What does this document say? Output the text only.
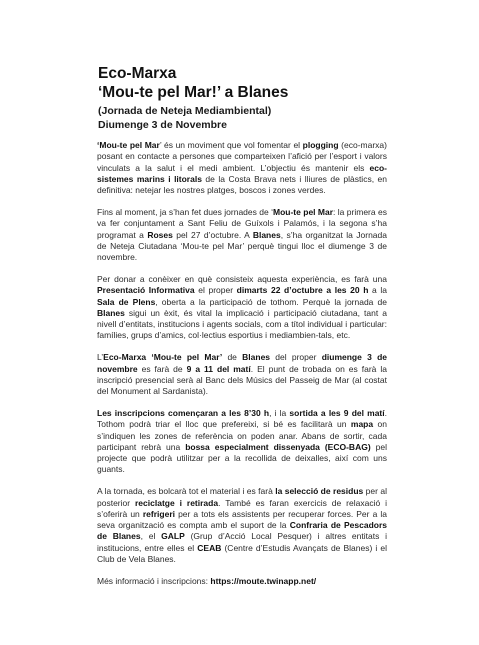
Eco-Marxa
‘Mou-te pel Mar!’ a Blanes
(Jornada de Neteja Mediambiental)
Diumenge 3 de Novembre

‘Mou-te pel Mar’ és un moviment que vol fomentar el plogging (eco-marxa) posant en contacte a persones que comparteixen l’afició per l’esport i valors vinculats a la salut i el medi ambient. L’objectiu és mantenir els eco-sistemes marins i litorals de la Costa Brava nets i lliures de plàstics, en definitiva: netejar les nostres platges, boscos i zones verdes.

Fins al moment, ja s’han fet dues jornades de ‘Mou-te pel Mar: la primera es va fer conjuntament a Sant Feliu de Guíxols i Palamós, i la segona s’ha programat a Roses pel 27 d’octubre. A Blanes, s’ha organitzat la Jornada de Neteja Ciutadana ‘Mou-te pel Mar’ perquè tingui lloc el diumenge 3 de novembre.

Per donar a conèixer en què consisteix aquesta experiència, es farà una Presentació Informativa el proper dimarts 22 d’octubre a les 20 h a la Sala de Plens, oberta a la participació de tothom. Perquè la jornada de Blanes sigui un èxit, és vital la implicació i participació ciutadana, tant a nivell d’entitats, institucions i agents socials, com a títol individual i particular: famílies, grups d’amics, col·lectius esportius i mediambien-tals, etc.

L’Eco-Marxa ‘Mou-te pel Mar’ de Blanes del proper diumenge 3 de novembre es farà de 9 a 11 del matí. El punt de trobada on es farà la inscripció presencial serà al Banc dels Músics del Passeig de Mar (al costat del Monument al Sardanista).

Les inscripcions començaran a les 8’30 h, i la sortida a les 9 del matí. Tothom podrà triar el lloc que prefereixi, si bé es facilitarà un mapa on s’indiquen les zones de referència on poden anar. Abans de sortir, cada participant rebrà una bossa especialment dissenyada (ECO-BAG) pel projecte que podrà utilitzar per a la recollida de deixalles, així com uns guants.

A la tornada, es bolcarà tot el material i es farà la selecció de residus per al posterior reciclatge i retirada. També es faran exercicis de relaxació i s’oferirà un refrigeri per a tots els assistents per recuperar forces. Per a la seva organització es compta amb el suport de la Confraria de Pescadors de Blanes, el GALP (Grup d’Acció Local Pesquer) i altres entitats i institucions, entre elles el CEAB (Centre d’Estudis Avançats de Blanes) i el Club de Vela Blanes.

Més informació i inscripcions: https://moute.twinapp.net/
